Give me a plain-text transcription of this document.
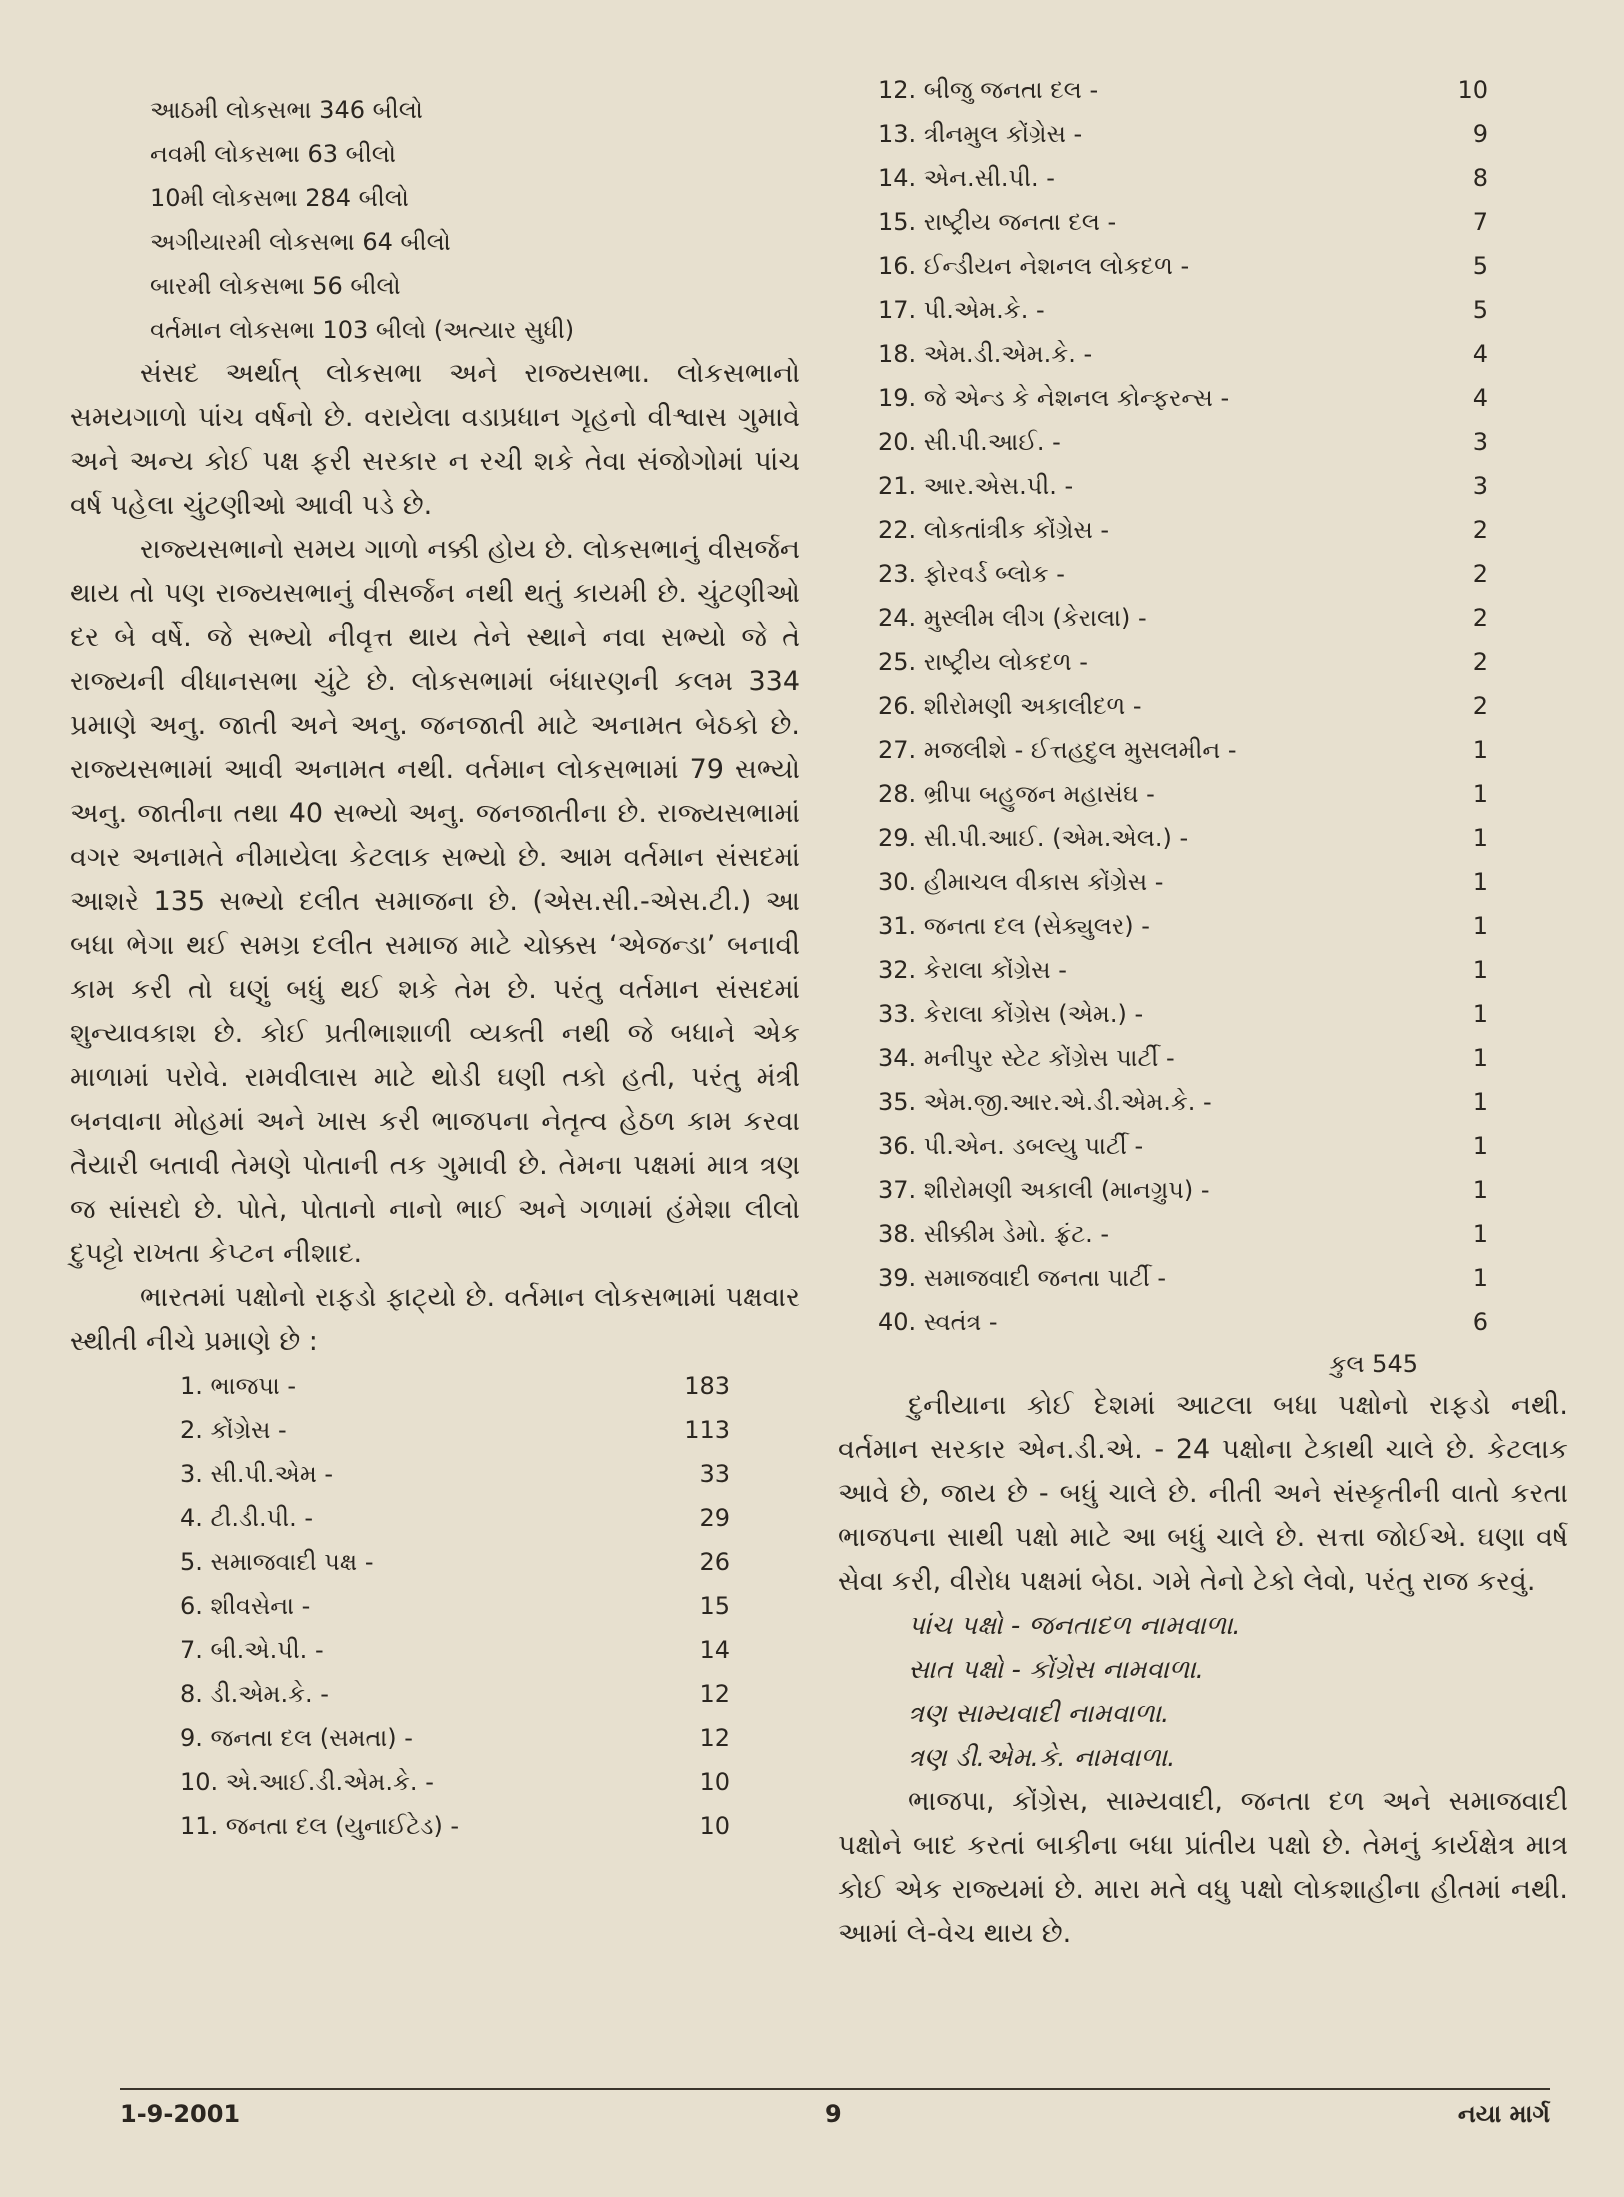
આઠમી લોકસભા 346 બીલો

નવમી લોકસભા 63 બીલો

10મી લોકસભા 284 બીલો

અગીયારમી લોકસભા 64 બીલો

બારમી લોકસભા 56 બીલો

વર્તમાન લોકસભા 103 બીલો (અત્યાર સુધી)

સંસદ અર્થાત્ લોકસભા અને રાજ્યસભા. લોકસભાનો સમયગાળો પાંચ વર્ષનો છે. વરાયેલા વડાપ્રધાન ગૃહનો વીશ્વાસ ગુમાવે અને અન્ય કોઈ પક્ષ ફરી સરકાર ન રચી શકે તેવા સંજોગોમાં પાંચ વર્ષ પહેલા ચુંટણીઓ આવી પડે છે.

રાજ્યસભાનો સમય ગાળો નક્કી હોય છે. લોકસભાનું વીસર્જન થાય તો પણ રાજ્યસભાનું વીસર્જન નથી થતું કાયમી છે. ચુંટણીઓ દર બે વર્ષે. જે સભ્યો નીવૃત્ત થાય તેને સ્થાને નવા સભ્યો જે તે રાજ્યની વીધાનસભા ચુંટે છે. લોકસભામાં બંધારણની કલમ 334 પ્રમાણે અનુ. જાતી અને અનુ. જનજાતી માટે અનામત બેઠકો છે. રાજ્યસભામાં આવી અનામત નથી. વર્તમાન લોકસભામાં 79 સભ્યો અનુ. જાતીના તથા 40 સભ્યો અનુ. જનજાતીના છે. રાજ્યસભામાં વગર અનામતે નીમાયેલા કેટલાક સભ્યો છે. આમ વર્તમાન સંસદમાં આશરે 135 સભ્યો દલીત સમાજના છે. (એસ.સી.-એસ.ટી.) આ બધા ભેગા થઈ સમગ્ર દલીત સમાજ માટે ચોક્કસ ‘એજન્ડા’ બનાવી કામ કરી તો ઘણું બધું થઈ શકે તેમ છે. પરંતુ વર્તમાન સંસદમાં શુન્યાવકાશ છે. કોઈ પ્રતીભાશાળી વ્યક્તી નથી જે બધાને એક માળામાં પરોવે. રામવીલાસ માટે થોડી ઘણી તકો હતી, પરંતુ મંત્રી બનવાના મોહમાં અને ખાસ કરી ભાજપના નેતૃત્વ હેઠળ કામ કરવા તૈયારી બતાવી તેમણે પોતાની તક ગુમાવી છે. તેમના પક્ષમાં માત્ર ત્રણ જ સાંસદો છે. પોતે, પોતાનો નાનો ભાઈ અને ગળામાં હંમેશા લીલો દુપટ્ટો રાખતા કેપ્ટન નીશાદ.

ભારતમાં પક્ષોનો રાફડો ફાટ્યો છે. વર્તમાન લોકસભામાં પક્ષવાર સ્થીતી નીચે પ્રમાણે છે :

1. ભાજપા -	183
2. કોંગ્રેસ -	113
3. સી.પી.એમ -	33
4. ટી.ડી.પી. -	29
5. સમાજવાદી પક્ષ -	26
6. શીવસેના -	15
7. બી.એ.પી. -	14
8. ડી.એમ.કે. -	12
9. જનતા દલ (સમતા) -	12
10. એ.આઈ.ડી.એમ.કે. -	10
11. જનતા દલ (યુનાઈટેડ) -	10
12. બીજુ જનતા દલ -	10
13. ત્રીનમુલ કોંગ્રેસ -	9
14. એન.સી.પી. -	8
15. રાષ્ટ્રીય જનતા દલ -	7
16. ઈન્ડીયન નેશનલ લોકદળ -	5
17. પી.એમ.કે. -	5
18. એમ.ડી.એમ.કે. -	4
19. જે એન્ડ કે નેશનલ કોન્ફરન્સ -	4
20. સી.પી.આઈ. -	3
21. આર.એસ.પી. -	3
22. લોકતાંત્રીક કોંગ્રેસ -	2
23. ફોરવર્ડ બ્લોક -	2
24. મુસ્લીમ લીગ (કેરાલા) -	2
25. રાષ્ટ્રીય લોકદળ -	2
26. શીરોમણી અકાલીદળ -	2
27. મજલીશે - ઈત્તહદુલ મુસલમીન -	1
28. ભ્રીપા બહુજન મહાસંઘ -	1
29. સી.પી.આઈ. (એમ.એલ.) -	1
30. હીમાચલ વીકાસ કોંગ્રેસ -	1
31. જનતા દલ (સેક્યુલર) -	1
32. કેરાલા કોંગ્રેસ -	1
33. કેરાલા કોંગ્રેસ (એમ.) -	1
34. મનીપુર સ્ટેટ કોંગ્રેસ પાર્ટી -	1
35. એમ.જી.આર.એ.ડી.એમ.કે. -	1
36. પી.એન. ડબલ્યુ પાર્ટી -	1
37. શીરોમણી અકાલી (માનગ્રુપ) -	1
38. સીક્કીમ ડેમો. ફ્રંટ. -	1
39. સમાજવાદી જનતા પાર્ટી -	1
40. સ્વતંત્ર -	6

કુલ 545

દુનીયાના કોઈ દેશમાં આટલા બધા પક્ષોનો રાફડો નથી. વર્તમાન સરકાર એન.ડી.એ. - 24 પક્ષોના ટેકાથી ચાલે છે. કેટલાક આવે છે, જાય છે - બધું ચાલે છે. નીતી અને સંસ્કૃતીની વાતો કરતા ભાજપના સાથી પક્ષો માટે આ બધું ચાલે છે. સત્તા જોઈએ. ઘણા વર્ષ સેવા કરી, વીરોધ પક્ષમાં બેઠા. ગમે તેનો ટેકો લેવો, પરંતુ રાજ કરવું.

પાંચ પક્ષો - જનતાદળ નામવાળા.

સાત પક્ષો - કોંગ્રેસ નામવાળા.

ત્રણ સામ્યવાદી નામવાળા.

ત્રણ ડી.એમ.કે. નામવાળા.

ભાજપા, કોંગ્રેસ, સામ્યવાદી, જનતા દળ અને સમાજવાદી પક્ષોને બાદ કરતાં બાકીના બધા પ્રાંતીય પક્ષો છે. તેમનું કાર્યક્ષેત્ર માત્ર કોઈ એક રાજ્યમાં છે. મારા મતે વધુ પક્ષો લોકશાહીના હીતમાં નથી. આમાં લે-વેચ થાય છે.

1-9-2001	9	નયા માર્ગ
